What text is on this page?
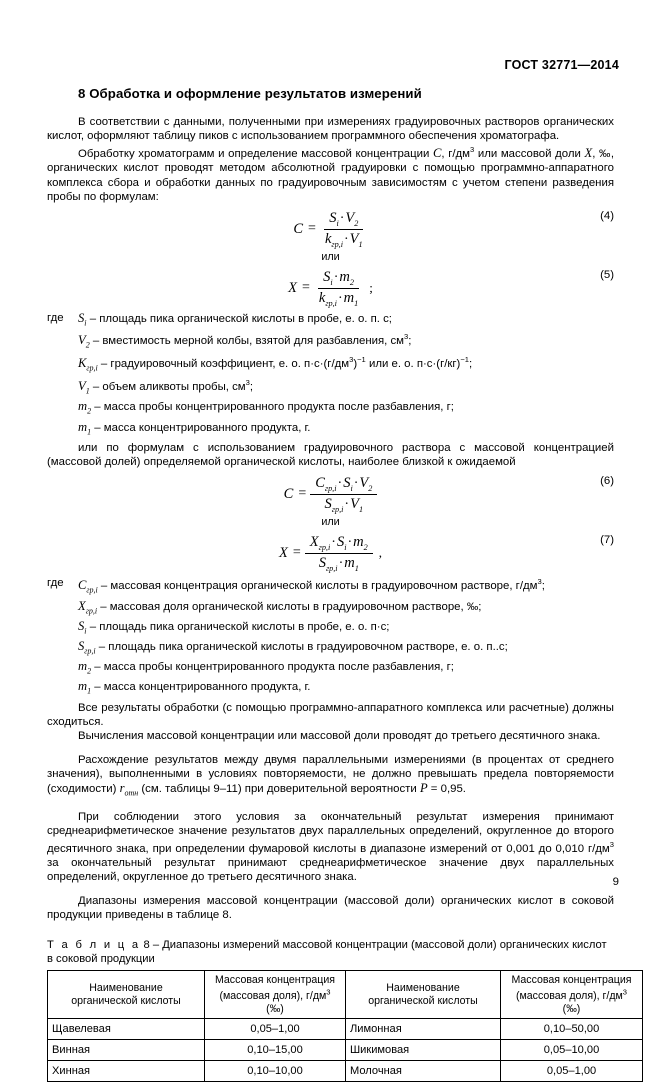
ГОСТ 32771—2014
8 Обработка и оформление результатов измерений

В соответствии с данными, полученными при измерениях градуировочных растворов органических кислот, оформляют таблицу пиков с использованием программного обеспечения хроматографа.

Обработку хроматограмм и определение массовой концентрации C, $г/дм^3$ или массовой доли X, ‰, органических кислот проводят методом абсолютной градуировки с помощью программно-аппаратного комплекса сбора и обработки данных по градуировочным зависимостям с учетом степени разведения пробы по формулам:

$C = \frac{S_i\cdot V_2}{k_{гр,i}\cdot V_1}$	(4)
или
$X = \frac{S_i\cdot m_2}{k_{гр,i}\cdot m_1}$ ;
(5)
где	$S_i$ – площадь пика органической кислоты в пробе, е. о. п. с;
$V_2$ – вместимость мерной колбы, взятой для разбавления, $см^3$;
$K_{гр,i}$ – градуировочный коэффициент, е. о. $п\cdot с\cdot(г/дм^3)^{-1}$ или е. о. $п\cdot с\cdot(г/кг)^{-1}$;
$V_1$ – объем аликвоты пробы, $см^3$;
$m_2$ – масса пробы концентрированного продукта после разбавления, г;
$m_1$ – масса концентрированного продукта, г.

или по формулам с использованием градуировочного раствора с массовой концентрацией (массовой долей) определяемой органической кислоты, наиболее близкой к ожидаемой

$C = \frac{C_{гр,i}\cdot S_i\cdot V_2}{S_{гр,i}\cdot V_1}$	(6)
или
$X = \frac{X_{гр,i}\cdot S_i\cdot m_2}{S_{гр,i}\cdot m_1}$ ,
(7)
где	$C_{гр,i}$ – массовая концентрация органической кислоты в градуировочном растворе, $г/дм^3$;
$X_{гр,i}$ – массовая доля органической кислоты в градуировочном растворе, ‰;
$S_i$ – площадь пика органической кислоты в пробе, е. о. п·с;
$S_{гр,i}$ – площадь пика органической кислоты в градуировочном растворе, е. о. п..с;
$m_2$ – масса пробы концентрированного продукта после разбавления, г;
$m_1$ – масса концентрированного продукта, г.

Все результаты обработки (с помощью программно-аппаратного комплекса или расчетные) должны сходиться.

Вычисления массовой концентрации или массовой доли проводят до третьего десятичного знака.

Расхождение результатов между двумя параллельными измерениями (в процентах от среднего значения), выполненными в условиях повторяемости, не должно превышать предела повторяемости (сходимости) $r_{отн}$ (см. таблицы 9–11) при доверительной вероятности P = 0,95.

При соблюдении этого условия за окончательный результат измерения принимают среднеарифметическое значение результатов двух параллельных определений, округленное до второго десятичного знака, при определении фумаровой кислоты в диапазоне измерений от 0,001 до 0,010 $г/дм^3$ за окончательный результат принимают среднеарифметическое значение двух параллельных определений, округленное до третьего десятичного знака.

Диапазоны измерения массовой концентрации (массовой доли) органических кислот в соковой продукции приведены в таблице 8.

Т а б л и ц а 8 – Диапазоны измерений массовой концентрации (массовой доли) органических кислот в соковой продукции
Наименование
органической кислоты	Массовая концентрация
(массовая доля), $г/дм^3$
(‰)	Наименование
органической кислоты	Массовая концентрация
(массовая доля), $г/дм^3$
(‰)
Щавелевая	0,05–1,00	Лимонная	0,10–50,00
Винная	0,10–15,00	Шикимовая	0,05–10,00
Хинная	0,10–10,00	Молочная	0,05–1,00
9
